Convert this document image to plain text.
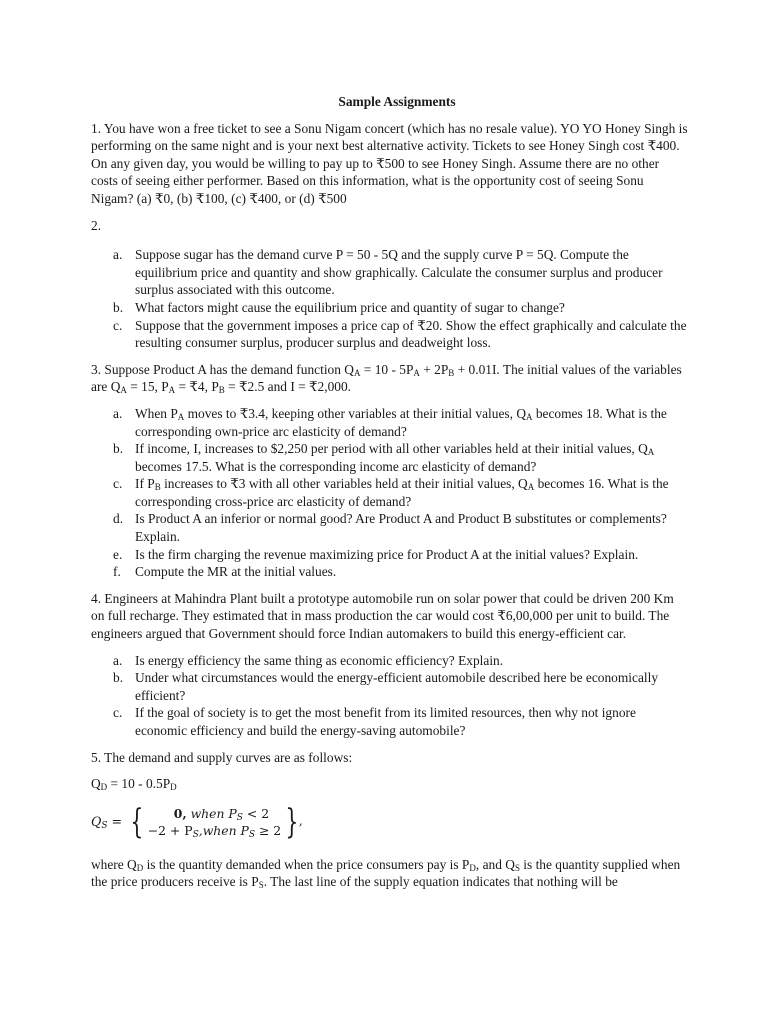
Sample Assignments

1. You have won a free ticket to see a Sonu Nigam concert (which has no resale value). YO YO Honey Singh is performing on the same night and is your next best alternative activity. Tickets to see Honey Singh cost ₹400. On any given day, you would be willing to pay up to ₹500 to see Honey Singh. Assume there are no other costs of seeing either performer. Based on this information, what is the opportunity cost of seeing Sonu Nigam? (a) ₹0, (b) ₹100, (c) ₹400, or (d) ₹500

2.

a. Suppose sugar has the demand curve P = 50 - 5Q and the supply curve P = 5Q. Compute the equilibrium price and quantity and show graphically. Calculate the consumer surplus and producer surplus associated with this outcome.
b. What factors might cause the equilibrium price and quantity of sugar to change?
c. Suppose that the government imposes a price cap of ₹20. Show the effect graphically and calculate the resulting consumer surplus, producer surplus and deadweight loss.

3. Suppose Product A has the demand function $Q_A = 10 - 5P_A + 2P_B + 0.01I$. The initial values of the variables are $Q_A = 15$, $P_A$ = ₹4, $P_B$ = ₹2.5 and I = ₹2,000.

a. When $P_A$ moves to ₹3.4, keeping other variables at their initial values, $Q_A$ becomes 18. What is the corresponding own-price arc elasticity of demand?
b. If income, I, increases to $2,250 per period with all other variables held at their initial values, $Q_A$ becomes 17.5. What is the corresponding income arc elasticity of demand?
c. If $P_B$ increases to ₹3 with all other variables held at their initial values, $Q_A$ becomes 16. What is the corresponding cross-price arc elasticity of demand?
d. Is Product A an inferior or normal good? Are Product A and Product B substitutes or complements? Explain.
e. Is the firm charging the revenue maximizing price for Product A at the initial values? Explain.
f. Compute the MR at the initial values.

4. Engineers at Mahindra Plant built a prototype automobile run on solar power that could be driven 200 Km on full recharge. They estimated that in mass production the car would cost ₹6,00,000 per unit to build. The engineers argued that Government should force Indian automakers to build this energy-efficient car.

a. Is energy efficiency the same thing as economic efficiency? Explain.
b. Under what circumstances would the energy-efficient automobile described here be economically efficient?
c. If the goal of society is to get the most benefit from its limited resources, then why not ignore economic efficiency and build the energy-saving automobile?

5. The demand and supply curves are as follows:

$Q_D = 10 - 0.5P_D$

$Q_S$ = {	0, when $P_S < 2$
$-2 + P_S,when$ $P_S \ge 2$ } ,

where $Q_D$ is the quantity demanded when the price consumers pay is $P_D$, and $Q_S$ is the quantity supplied when the price producers receive is $P_S$. The last line of the supply equation indicates that nothing will be
